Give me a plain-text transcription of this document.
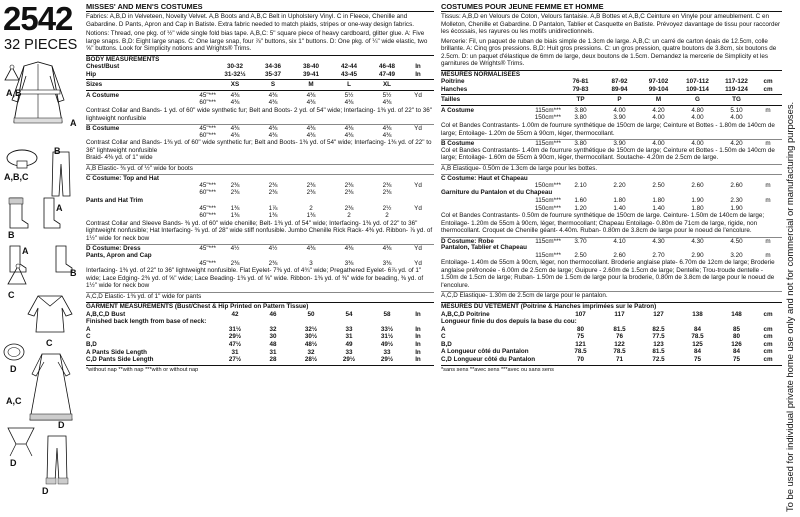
2542
32 PIECES
A,B
A
B
A,B,C
A
B
A
B
C
C
D
A,C
D
D
D
MISSES' AND MEN'S COSTUMES
Fabrics: A,B,D in Velveteen, Novelty Velvet. A,B Boots and A,B,C Belt in Upholstery Vinyl. C in Fleece, Chenille and Gabardine. D Pants, Apron and Cap in Batiste. Extra fabric needed to match plaids, stripes or one-way design fabrics.
Notions: Thread, one pkg. of ½" wide single fold bias tape. A,B,C: 5" square piece of heavy cardboard, glitter glue. A: Five large snaps. B,D: Eight large snaps. C: One large snap, four ⅞" buttons, six 1" buttons. D: One pkg. of ¼" wide elastic, two ⅝" buttons. Look for Simplicity notions and Wrights® Trims.
BODY MEASUREMENTS
Chest/Bust	30-32	34-36	38-40	42-44	46-48	In
Hip	31-32½	35-37	39-41	43-45	47-49	In
Sizes	XS	S	M	L	XL
A Costume	45"***	4⅜	4⅜	4⅜	5½	5½	Yd
60"***	4⅜	4⅜	4⅜	4⅜	4⅜
Contrast Collar and Bands- 1 yd. of 60" wide synthetic fur; Belt and Boots- 2 yd. of 54" wide; Interfacing- 1⅜ yd. of 22" to 36" lightweight nonfusible
B Costume	45"***	4⅜	4⅜	4⅜	4⅜	4⅜	Yd
60"***	4⅜	4⅜	4⅜	4⅜	4⅜
Contrast Collar and Bands- 1⅜ yd. of 60" wide synthetic fur; Belt and Boots- 1⅜ yd. of 54" wide; Interfacing- 1⅜ yd. of 22" to 36" lightweight nonfusible
Braid- 4⅜ yd. of 1" wide
A,B Elastic- ⅜ yd. of ½" wide for boots
C Costume: Top and Hat
45"***	2⅜	2⅜	2⅜	2⅜	2⅜	Yd
60"***	2⅜	2⅜	2⅜	2⅜	2⅜
Pants and Hat Trim
45"***	1⅜	1⅞	2	2⅜	2½	Yd
60"***	1⅜	1⅜	1⅜	2	2
Contrast Collar and Sleeve Bands- ⅜ yd. of 60" wide chenille; Belt- 1⅜ yd. of 54" wide; Interfacing- 1⅜ yd. of 22" to 36" lightweight nonfusible; Hat Interfacing- ⅜ yd. of 28" wide stiff nonfusible. Jumbo Chenille Rick Rack- 4⅜ yd. Ribbon- ⅞ yd. of 1½" wide for neck bow
D Costume: Dress	45"***	4½	4½	4⅜	4⅜	4⅜	Yd
Pants, Apron and Cap
45"***	2⅜	2⅜	3	3⅜	3⅜	Yd
Interfacing- 1⅜ yd. of 22" to 36" lightweight nonfusible. Flat Eyelet- 7⅜ yd. of 4¾" wide; Pregathered Eyelet- 6⅞ yd. of 1" wide; Lace Edging- 2⅜ yd. of ⅝" wide; Lace Beading- 1⅜ yd. of ⅝" wide. Ribbon- 1⅜ yd. of ⅜" wide for beading, ⅜ yd. of 1½" wide for neck bow
A,C,D Elastic- 1⅜ yd. of 1" wide for pants
GARMENT MEASUREMENTS (Bust/Chest & Hip Printed on Pattern Tissue)
A,B,C,D Bust	42	46	50	54	58	In
Finished back length from base of neck:
A	31½	32	32½	33	33½	In
C	29½	30	30½	31	31½	In
B,D	47½	48	48½	49	49½	In
A Pants Side Length	31	31	32	33	33	In
C,D Pants Side Length	27½	28	28½	29½	29½	In
*without nap **with nap ***with or without nap
COSTUMES POUR JEUNE FEMME ET HOMME
Tissus: A,B,D en Velours de Coton, Velours fantaisie. A,B Bottes et A,B,C Ceinture en Vinyle pour ameublement. C en Molleton, Chenille et Gabardine. D Pantalon, Tablier et Casquette en Batiste. Prévoyez davantage de tissu pour raccorder les écossais, les rayures ou les motifs unidirectionnels.
Mercerie: Fil, un paquet de ruban de biais simple de 1.3cm de large. A,B,C: un carré de carton épais de 12.5cm, colle brillante. A: Cinq gros pressions. B,D: Huit gros pressions. C: un gros pression, quatre boutons de 3.8cm, six boutons de 2.5cm. D: un paquet d'élastique de 6mm de large, deux boutons de 1.5cm. Demandez la mercerie de Simplicity et les garnitures de Wrights® Trims.
MESURES NORMALISEES
Poitrine	76-81	87-92	97-102	107-112	117-122	cm
Hanches	79-83	89-94	99-104	109-114	119-124	cm
Tailles	TP	P	M	G	TG
A Costume	115cm***	3.80	4.00	4.20	4.80	5.10	m
150cm***	3.80	3.90	4.00	4.00	4.00
Col et Bandes Contrastants- 1.00m de fourrure synthétique de 150cm de large; Ceinture et Bottes - 1.80m de 140cm de large; Entoilage- 1.20m de 55cm à 90cm, léger, thermocollant.
B Costume	115cm***	3.80	3.90	4.00	4.00	4.20	m
Col et Bandes Contrastants- 1.40m de fourrure synthétique de 150cm de large; Ceinture et Bottes - 1.50m de 140cm de large; Entoilage- 1.60m de 55cm à 90cm, léger, thermocollant. Soutache- 4.20m de 2.5cm de large.
A,B Elastique- 0.50m de 1.3cm de large pour les bottes.
C Costume: Haut et Chapeau
150cm***	2.10	2.20	2.50	2.60	2.60	m
Garniture du Pantalon et du Chapeau
115cm***	1.60	1.80	1.80	1.90	2.30	m
150cm***	1.20	1.40	1.40	1.80	1.90
Col et Bandes Contrastants- 0.50m de fourrure synthétique de 150cm de large. Ceinture- 1.50m de 140cm de large; Entoilage- 1.20m de 55cm à 90cm, léger, thermocollant; Chapeau Entoilage- 0.80m de 71cm de large, rigide, non thermocollant. Croquet de Chenille géant- 4.40m. Ruban- 0.80m de 3.8cm de large pour le noeud de l'encolure.
D Costume: Robe	115cm***	3.70	4.10	4.30	4.30	4.50	m
Pantalon, Tablier et Chapeau
115cm***	2.50	2.60	2.70	2.90	3.20	m
Entoilage- 1.40m de 55cm à 90cm, léger, non thermocollant. Broderie anglaise plate- 6.70m de 12cm de large; Broderie anglaise préfroncée - 6.00m de 2.5cm de large; Guipure - 2.60m de 1.5cm de large; Dentelle; Trou-troude dentelle - 1.50m de 1.5cm de large; Ruban- 1.50m de 1.5cm de large pour la broderie, 0.80m de 3.8cm de large pour le noeud de l'encolure.
A,C,D Elastique- 1.30m de 2.5cm de large pour le pantalon.
MESURES DU VETEMENT (Poitrine & Hanches imprimées sur le Patron)
A,B,C,D Poitrine	107	117	127	138	148	cm
Longueur finie du dos depuis la base du cou:
A	80	81.5	82.5	84	85	cm
C	75	76	77.5	78.5	80	cm
B,D	121	122	123	125	126	cm
A Longueur côté du Pantalon	78.5	78.5	81.5	84	84	cm
C,D Longueur côté du Pantalon	70	71	72.5	75	75	cm
*sans sens **avec sens ***avec ou sans sens	To be used for individual private home use only and not for commercial or manufacturing purposes.
